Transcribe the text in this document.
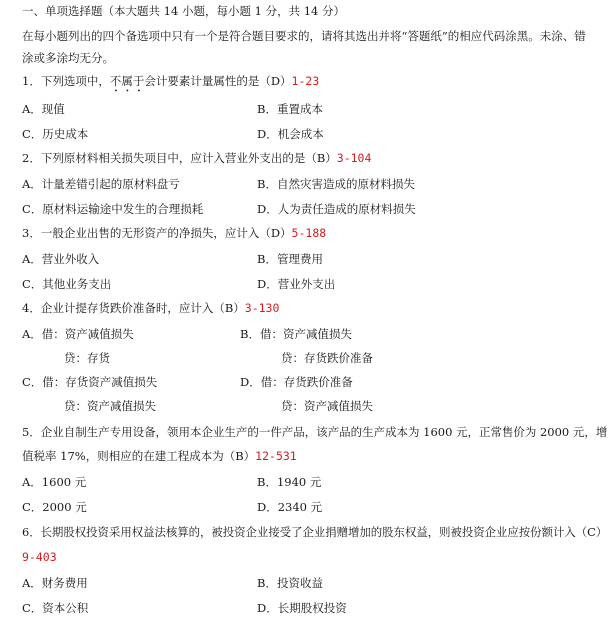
一、单项选择题（本大题共 14 小题，每小题 1 分，共 14 分）
在每小题列出的四个备选项中只有一个是符合题目要求的，请将其选出并将“答题纸”的相应代码涂黑。未涂、错
涂或多涂均无分。
1．下列选项中，不属于会计要素计量属性的是（D）1-23
A．现值	B．重置成本
C．历史成本	D．机会成本
2．下列原材料相关损失项目中，应计入营业外支出的是（B）3-104
A．计量差错引起的原材料盘亏	B．自然灾害造成的原材料损失
C．原材料运输途中发生的合理损耗	D．人为责任造成的原材料损失
3．一般企业出售的无形资产的净损失，应计入（D）5-188
A．营业外收入	B．管理费用
C．其他业务支出	D．营业外支出
4．企业计提存货跌价准备时，应计入（B）3-130
A．借：资产减值损失	B．借：资产减值损失
贷：存货	贷：存货跌价准备
C．借：存货资产减值损失	D．借：存货跌价准备
贷：资产减值损失	贷：资产减值损失
5．企业自制生产专用设备，领用本企业生产的一件产品，该产品的生产成本为 1600 元，正常售价为 2000 元，增
值税率 17%，则相应的在建工程成本为（B）12-531
A．1600 元	B．1940 元
C．2000 元	D．2340 元
6．长期股权投资采用权益法核算的，被投资企业接受了企业捐赠增加的股东权益，则被投资企业应按份额计入（C）
9-403
A．财务费用	B．投资收益
C．资本公积	D．长期股权投资
